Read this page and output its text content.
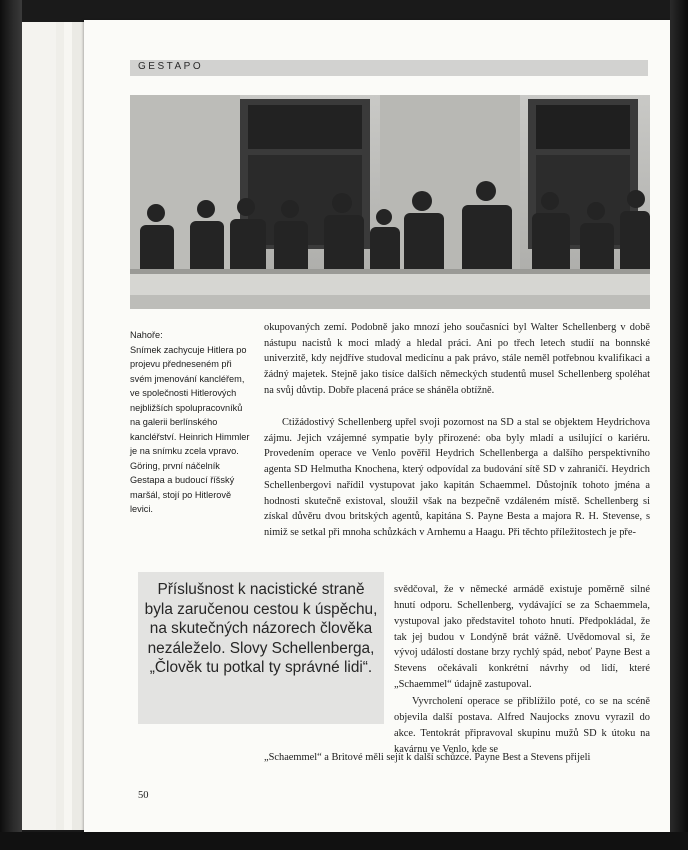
GESTAPO
Nahoře:
Snímek zachycuje Hitlera po projevu předneseném při svém jmenování kancléřem, ve společnosti Hitlerových nejbližších spolupracovníků na galerii berlínského kancléřství. Heinrich Himmler je na snímku zcela vpravo. Göring, první náčelník Gestapa a budoucí říšský maršál, stojí po Hitlerově levici.

okupovaných zemí. Podobně jako mnozí jeho současníci byl Walter Schellenberg v době nástupu nacistů k moci mladý a hledal práci. Ani po třech letech studií na bonnské univerzitě, kdy nejdříve studoval medicínu a pak právo, stále neměl potřebnou kvalifikaci a žádný majetek. Stejně jako tisíce dalších německých studentů musel Schellenberg spoléhat na svůj důvtip. Dobře placená práce se sháněla obtížně.

Ctižádostivý Schellenberg upřel svoji pozornost na SD a stal se objektem Heydrichova zájmu. Jejich vzájemné sympatie byly přirozené: oba byly mladí a usilující o kariéru. Provedením operace ve Venlo pověřil Heydrich Schellenberga a dalšího perspektivního agenta SD Helmutha Knochena, který odpovídal za budování sítě SD v zahraničí. Heydrich Schellenbergovi nařídil vystupovat jako kapitán Schaemmel. Důstojník tohoto jména a hodnosti skutečně existoval, sloužil však na bezpečně vzdáleném místě. Schellenberg si získal důvěru dvou britských agentů, kapitána S. Payne Besta a majora R. H. Stevense, s nimiž se setkal při mnoha schůzkách v Arnhemu a Haagu. Při těchto příležitostech je pře-

Příslušnost k nacistické straně byla zaručenou cestou k úspěchu, na skutečných názorech člověka nezáleželo. Slovy Schellenberga, „Člověk tu potkal ty správné lidi“.

svědčoval, že v německé armádě existuje poměrně silné hnutí odporu. Schellenberg, vydávající se za Schaemmela, vystupoval jako představitel tohoto hnutí. Předpokládal, že tak jej budou v Londýně brát vážně. Uvědomoval si, že vývoj událostí dostane brzy rychlý spád, neboť Payne Best a Stevens očekávali konkrétní návrhy od lidí, které „Schaemmel“ údajně zastupoval.

Vyvrcholení operace se přiblížilo poté, co se na scéně objevila další postava. Alfred Naujocks znovu vyrazil do akce. Tentokrát připravoval skupinu mužů SD k útoku na kavárnu ve Venlo, kde se

„Schaemmel“ a Britové měli sejít k další schůzce. Payne Best a Stevens přijeli

50
